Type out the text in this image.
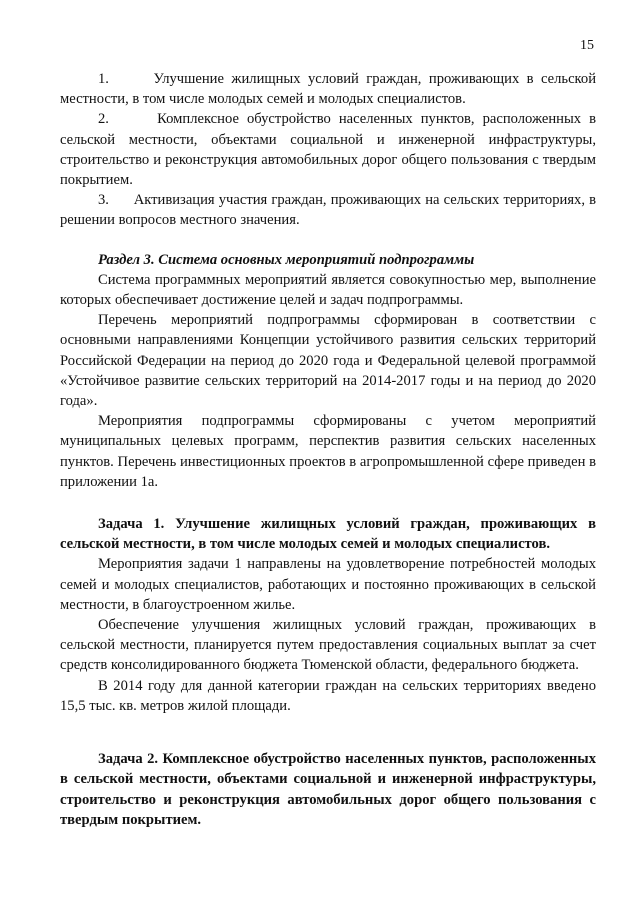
15

1.	Улучшение жилищных условий граждан, проживающих в сельской местности, в том числе молодых семей и молодых специалистов.

2.	Комплексное обустройство населенных пунктов, расположенных в сельской местности, объектами социальной и инженерной инфраструктуры, строительство и реконструкция автомобильных дорог общего пользования с твердым покрытием.

3. Активизация участия граждан, проживающих на сельских территориях, в решении вопросов местного значения.

Раздел 3. Система основных мероприятий подпрограммы

Система программных мероприятий является совокупностью мер, выполнение которых обеспечивает достижение целей и задач подпрограммы.

Перечень мероприятий подпрограммы сформирован в соответствии с основными направлениями Концепции устойчивого развития сельских территорий Российской Федерации на период до 2020 года и Федеральной целевой программой «Устойчивое развитие сельских территорий на 2014-2017 годы и на период до 2020 года».

Мероприятия подпрограммы сформированы с учетом мероприятий муниципальных целевых программ, перспектив развития сельских населенных пунктов. Перечень инвестиционных проектов в агропромышленной сфере приведен в приложении 1а.

Задача 1. Улучшение жилищных условий граждан, проживающих в сельской местности, в том числе молодых семей и молодых специалистов.

Мероприятия задачи 1 направлены на удовлетворение потребностей молодых семей и молодых специалистов, работающих и постоянно проживающих в сельской местности, в благоустроенном жилье.

Обеспечение улучшения жилищных условий граждан, проживающих в сельской местности, планируется путем предоставления социальных выплат за счет средств консолидированного бюджета Тюменской области, федерального бюджета.

В 2014 году для данной категории граждан на сельских территориях введено 15,5 тыс. кв. метров жилой площади.

Задача 2. Комплексное обустройство населенных пунктов, расположенных в сельской местности, объектами социальной и инженерной инфраструктуры, строительство и реконструкция автомобильных дорог общего пользования с твердым покрытием.
